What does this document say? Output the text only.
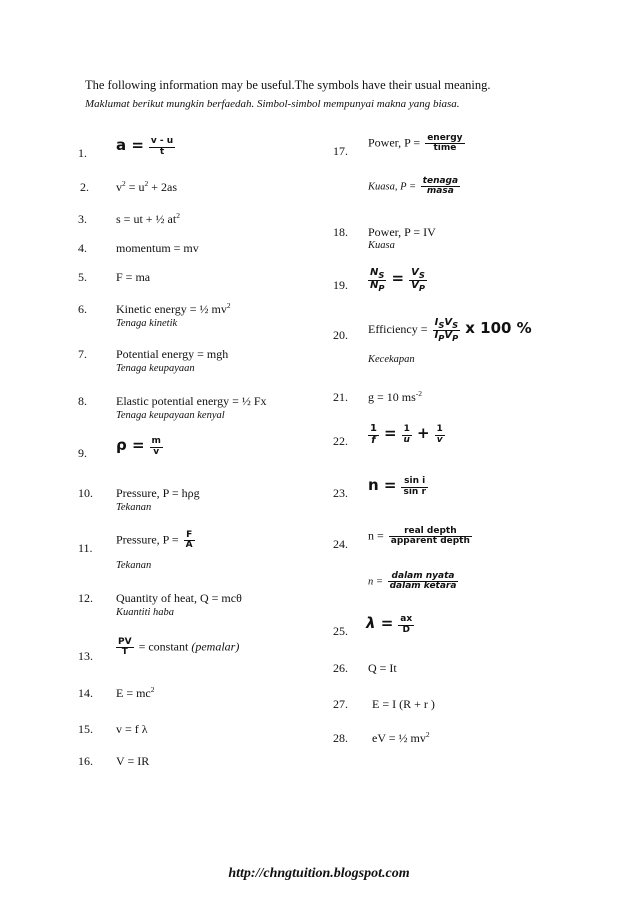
The following information may be useful.The symbols have their usual meaning.
Maklumat berikut mungkin berfaedah. Simbol-simbol mempunyai makna yang biasa.
1. $a = \frac{v - u}{t}$
2. $v^2 = u^2 + 2as$
3. s = ut + ½ $at^2$
4. momentum = mv
5. F = ma
6. Kinetic energy = ½ $mv^2$
Tenaga kinetik
7. Potential energy = mgh
Tenaga keupayaan
8. Elastic potential energy = ½ Fx
Tenaga keupayaan kenyal
9. $\rho = \frac{m}{v}$
10. Pressure, P = hρg
Tekanan
11.
Pressure, $P = \frac{F}{A}$
Tekanan
12. Quantity of heat, Q = mcθ
Kuantiti haba
13.	$\frac{PV}{T}$ = constant (pemalar)
14. $E = mc^2$
15. v = f λ
16. V = IR
17.
Power, $P = \frac{\text{energy}}{\text{time}}$
Kuasa, $P = \frac{\text{tenaga}}{\text{masa}}$
18. Power, P = IV
Kuasa
19. $\frac{N_S}{N_P} = \frac{V_S}{V_P}$
20. Efficiency = $\frac{I_SV_S}{I_PV_P}$ x 100 %
Kecekapan
21. g = 10 $ms^{-2}$
22. $\frac{1}{f} = \frac{1}{u} + \frac{1}{v}$
23. $n = \frac{\text{sin i}}{\text{sin r}}$
24.
$n = \frac{\text{real depth}}{\text{apparent depth}}$
$n = \frac{\text{dalam nyata}}{\text{dalam ketara}}$
25. $\lambda = \frac{ax}{D}$
26. Q = It
27. E = I (R + r )
28. eV = ½ $mv^2$
http://chngtuition.blogspot.com
